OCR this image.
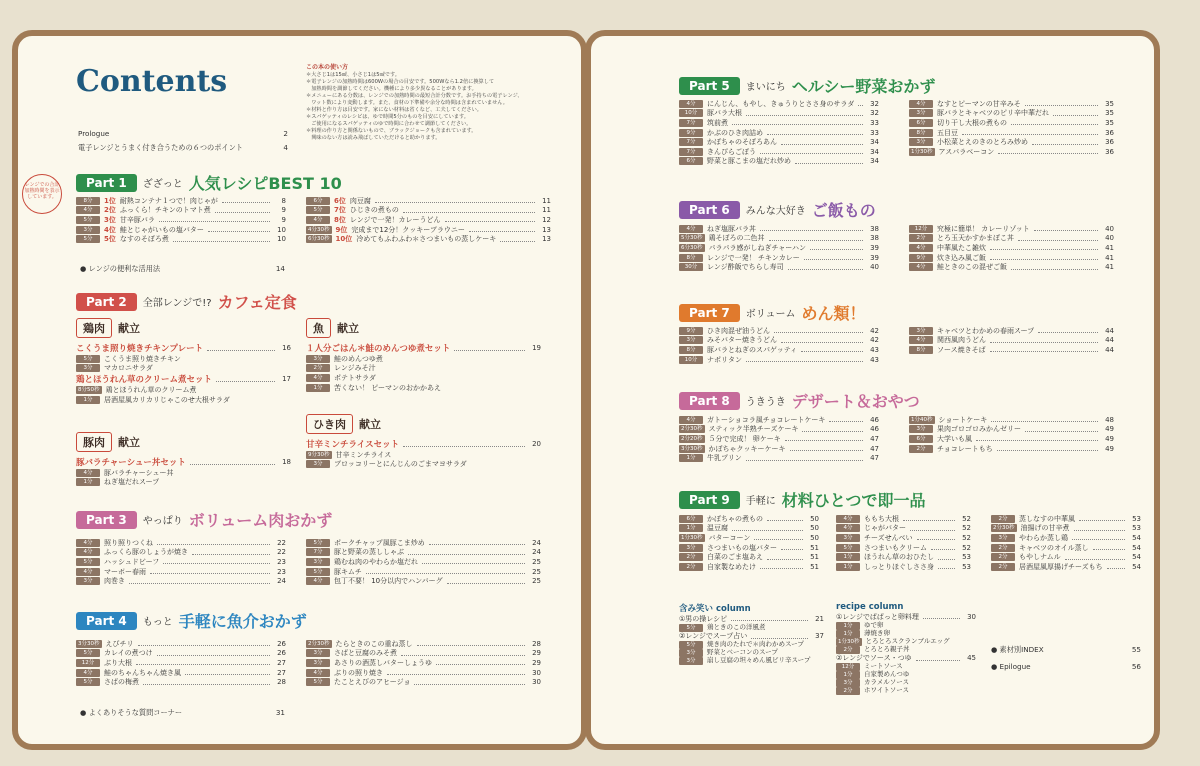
Contents	この本の使い方
＊大さじ1は15㎖、小さじ1は5㎖です。
＊電子レンジの加熱時間は600Wの場合の目安です。500Wなら1.2倍に換算して
　加熱時間を調節してください。機種により多少異なることがあります。
＊メニューにある分数は、レンジでの加熱時間の最短合計分数です。お手持ちの電子レンジ、
　ワット数により変動します。また、食材の下準備や余分な時間は含まれていません。
＊材料と作り方は目安です。家にない材料は省くなど、工夫してください。
＊スパゲッティのレシピは、ゆで時間5分のものを目安にしています。
　ご使用になるスパゲッティのゆで時間に合わせて調節してください。
＊料理の作り方と関係ないもので、ブラックジョークも含まれています。
　興味のない方は読み飛ばしていただけると助かります。
Prologue	2
電子レンジとうまく付き合うための６つのポイント	4
レンジでの合計加熱時間を表示しています。
Part 1	ざざっと 人気レシピBEST 10
8分	1位 耐熱コンテナ１つで！肉じゃが	8
4分	2位 ふっくら！チキンのトマト煮	9
5分	3位 甘辛豚バラ	9
3分	4位 鮭とじゃがいもの塩バター	10
5分	5位 なすのそぼろ煮	10
6分	6位 肉豆腐	11
5分	7位 ひじきの煮もの	11
4分	8位 レンジで一発！カレーうどん	12
4分30秒 9位 完成まで12分！クッキーブラウニー	13
6分30秒 10位 冷めてもふわふわ＊さつまいもの蒸しケーキ	13
● レンジの便利な活用法	14
Part 2	全部レンジで!? カフェ定食
鶏肉	献立
こくうま照り焼きチキンプレート	16
5分	こくうま照り焼きチキン
3分	マカロニサラダ
鶏とほうれん草のクリーム煮セット	17
8分50秒 鶏とほうれん草のクリーム煮
1分	居酒屋風カリカリじゃこのせ大根サラダ
豚肉	献立
豚バラチャーシュー丼セット	18
4分	豚バラチャーシュー丼
1分	ねぎ塩だれスープ
魚	献立
１人分ごはん＊鮭のめんつゆ煮セット	19
3分	鮭のめんつゆ煮
2分	レンジみそ汁
4分	ポテトサラダ
1分	苦くない！ ピーマンのおかかあえ
ひき肉	献立
甘辛ミンチライスセット	20
9分30秒 甘辛ミンチライス
3分	ブロッコリーとにんじんのごまマヨサラダ
Part 3	やっぱり ボリューム肉おかず
4分	照り照りつくね	22
4分	ふっくら豚のしょうが焼き	22
5分	ハッシュドビーフ	23
4分	マーボー春雨	23
3分	肉巻き	24
5分	ポークチャップ風豚こま炒め	24
7分	豚と野菜の蒸ししゃぶ	24
3分	鶏むね肉のやわらか塩だれ	25
5分	豚キムチ	25
4分	包丁不要！ 10分以内でハンバーグ	25
Part 4	もっと 手軽に魚介おかず
3分30秒 えびチリ	26
5分	カレイの煮つけ	26
12分	ぶり大根	27
4分	鮭のちゃんちゃん焼き風	27
5分	さばの梅煮	28
2分30秒 たらときのこの重ね蒸し	28
3分	さばと豆腐のみそ煮	29
3分	あさりの酒蒸しバターしょうゆ	29
4分	ぶりの照り焼き	30
5分	たことえびのアヒージョ	30
● よくありそうな質問コーナー	31
Part 5	まいにち ヘルシー野菜おかず
4分	にんじん、もやし、きゅうりとささ身のサラダ	32
10分	豚バラ大根	32
7分	筑前煮	33
9分	かぶのひき肉詰め	33
7分	かぼちゃのそぼろあん	34
7分	きんぴらごぼう	34
6分	野菜と豚こまの塩だれ炒め	34
4分	なすとピーマンの甘辛みそ	35
3分	豚バラとキャベツのピリ辛中華だれ	35
6分	切り干し大根の煮もの	35
8分	五目豆	36
3分	小松菜とえのきのとろみ炒め	36
1分30秒 アスパラベーコン	36
Part 6	みんな大好き ご飯もの
4分	ねぎ塩豚バラ丼	38
5分30秒 鶏そぼろの二色丼	38
6分30秒 パラパラ感がしねぎチャーハン	39
8分	レンジで一発！ チキンカレー	39
30分	レンジ酢飯でちらし寿司	40
12分	究極に簡単！ カレーリゾット	40
2分	とろ玉天かすかまぼこ丼	40
4分	中華風たこ雑炊	41
9分	炊き込み風ご飯	41
4分	鮭ときのこの混ぜご飯	41
Part 7	ボリューム めん類！
9分	ひき肉混ぜ油うどん	42
3分	みそバター焼きうどん	42
8分	豚バラとねぎのスパゲッティ	43
10分	ナポリタン	43
3分	キャベツとわかめの春雨スープ	44
4分	関西風肉うどん	44
8分	ソース焼きそば	44
Part 8	うきうき デザート＆おやつ
4分	ガトーショコラ風チョコレートケーキ	46
2分30秒 スティック半熟チーズケーキ	46
2分20秒 ５分で完成！ 卵ケーキ	47
3分30秒 かぼちゃクッキーケーキ	47
1分	牛乳プリン	47
1分40秒 ショートケーキ	48
3分	果肉ゴロゴロみかんゼリー	49
6分	大学いも風	49
2分	チョコレートもち	49
Part 9	手軽に 材料ひとつで即一品
6分	かぼちゃの煮もの	50
1分	温豆腐	50
1分30秒 バターコーン	50
3分	さつまいもの塩バター	51
2分	白菜のごま塩あえ	51
2分	自家製なめたけ	51
4分	ももち大根	52
4分	じゃがバター	52
3分	チーズせんべい	52
5分	さつまいもクリーム	52
1分	ほうれん草のおひたし	53
1分	しっとりほぐしささ身	53
2分	蒸しなすの中華風	53
2分30秒 油揚げの甘辛煮	53
3分	やわらか蒸し鶏	54
2分	キャベツのオイル蒸し	54
2分	もやしナムル	54
2分	居酒屋風厚揚げチーズもち	54
含み笑い column
①男の操レシピ	21
5分	鶏ときのこの洋風煮
②レンジでスープ占い	37
5分	焼き肉のたれで＊肉わかめスープ
3分	野菜とベーコンのスープ
3分	崩し豆腐の坦々めん風ピリ辛スープ
recipe column
①レンジでぱぱっと卵料理	30
1分	ゆで卵
1分	薄焼き卵
1分30秒 とろとろスクランブルエッグ
2分	とろとろ親子丼
②レンジでソース・つゆ	45
12分	ミートソース
1分	自家製めんつゆ
3分	カラメルソース
2分	ホワイトソース
● 素材別INDEX	55
● Epilogue	56
